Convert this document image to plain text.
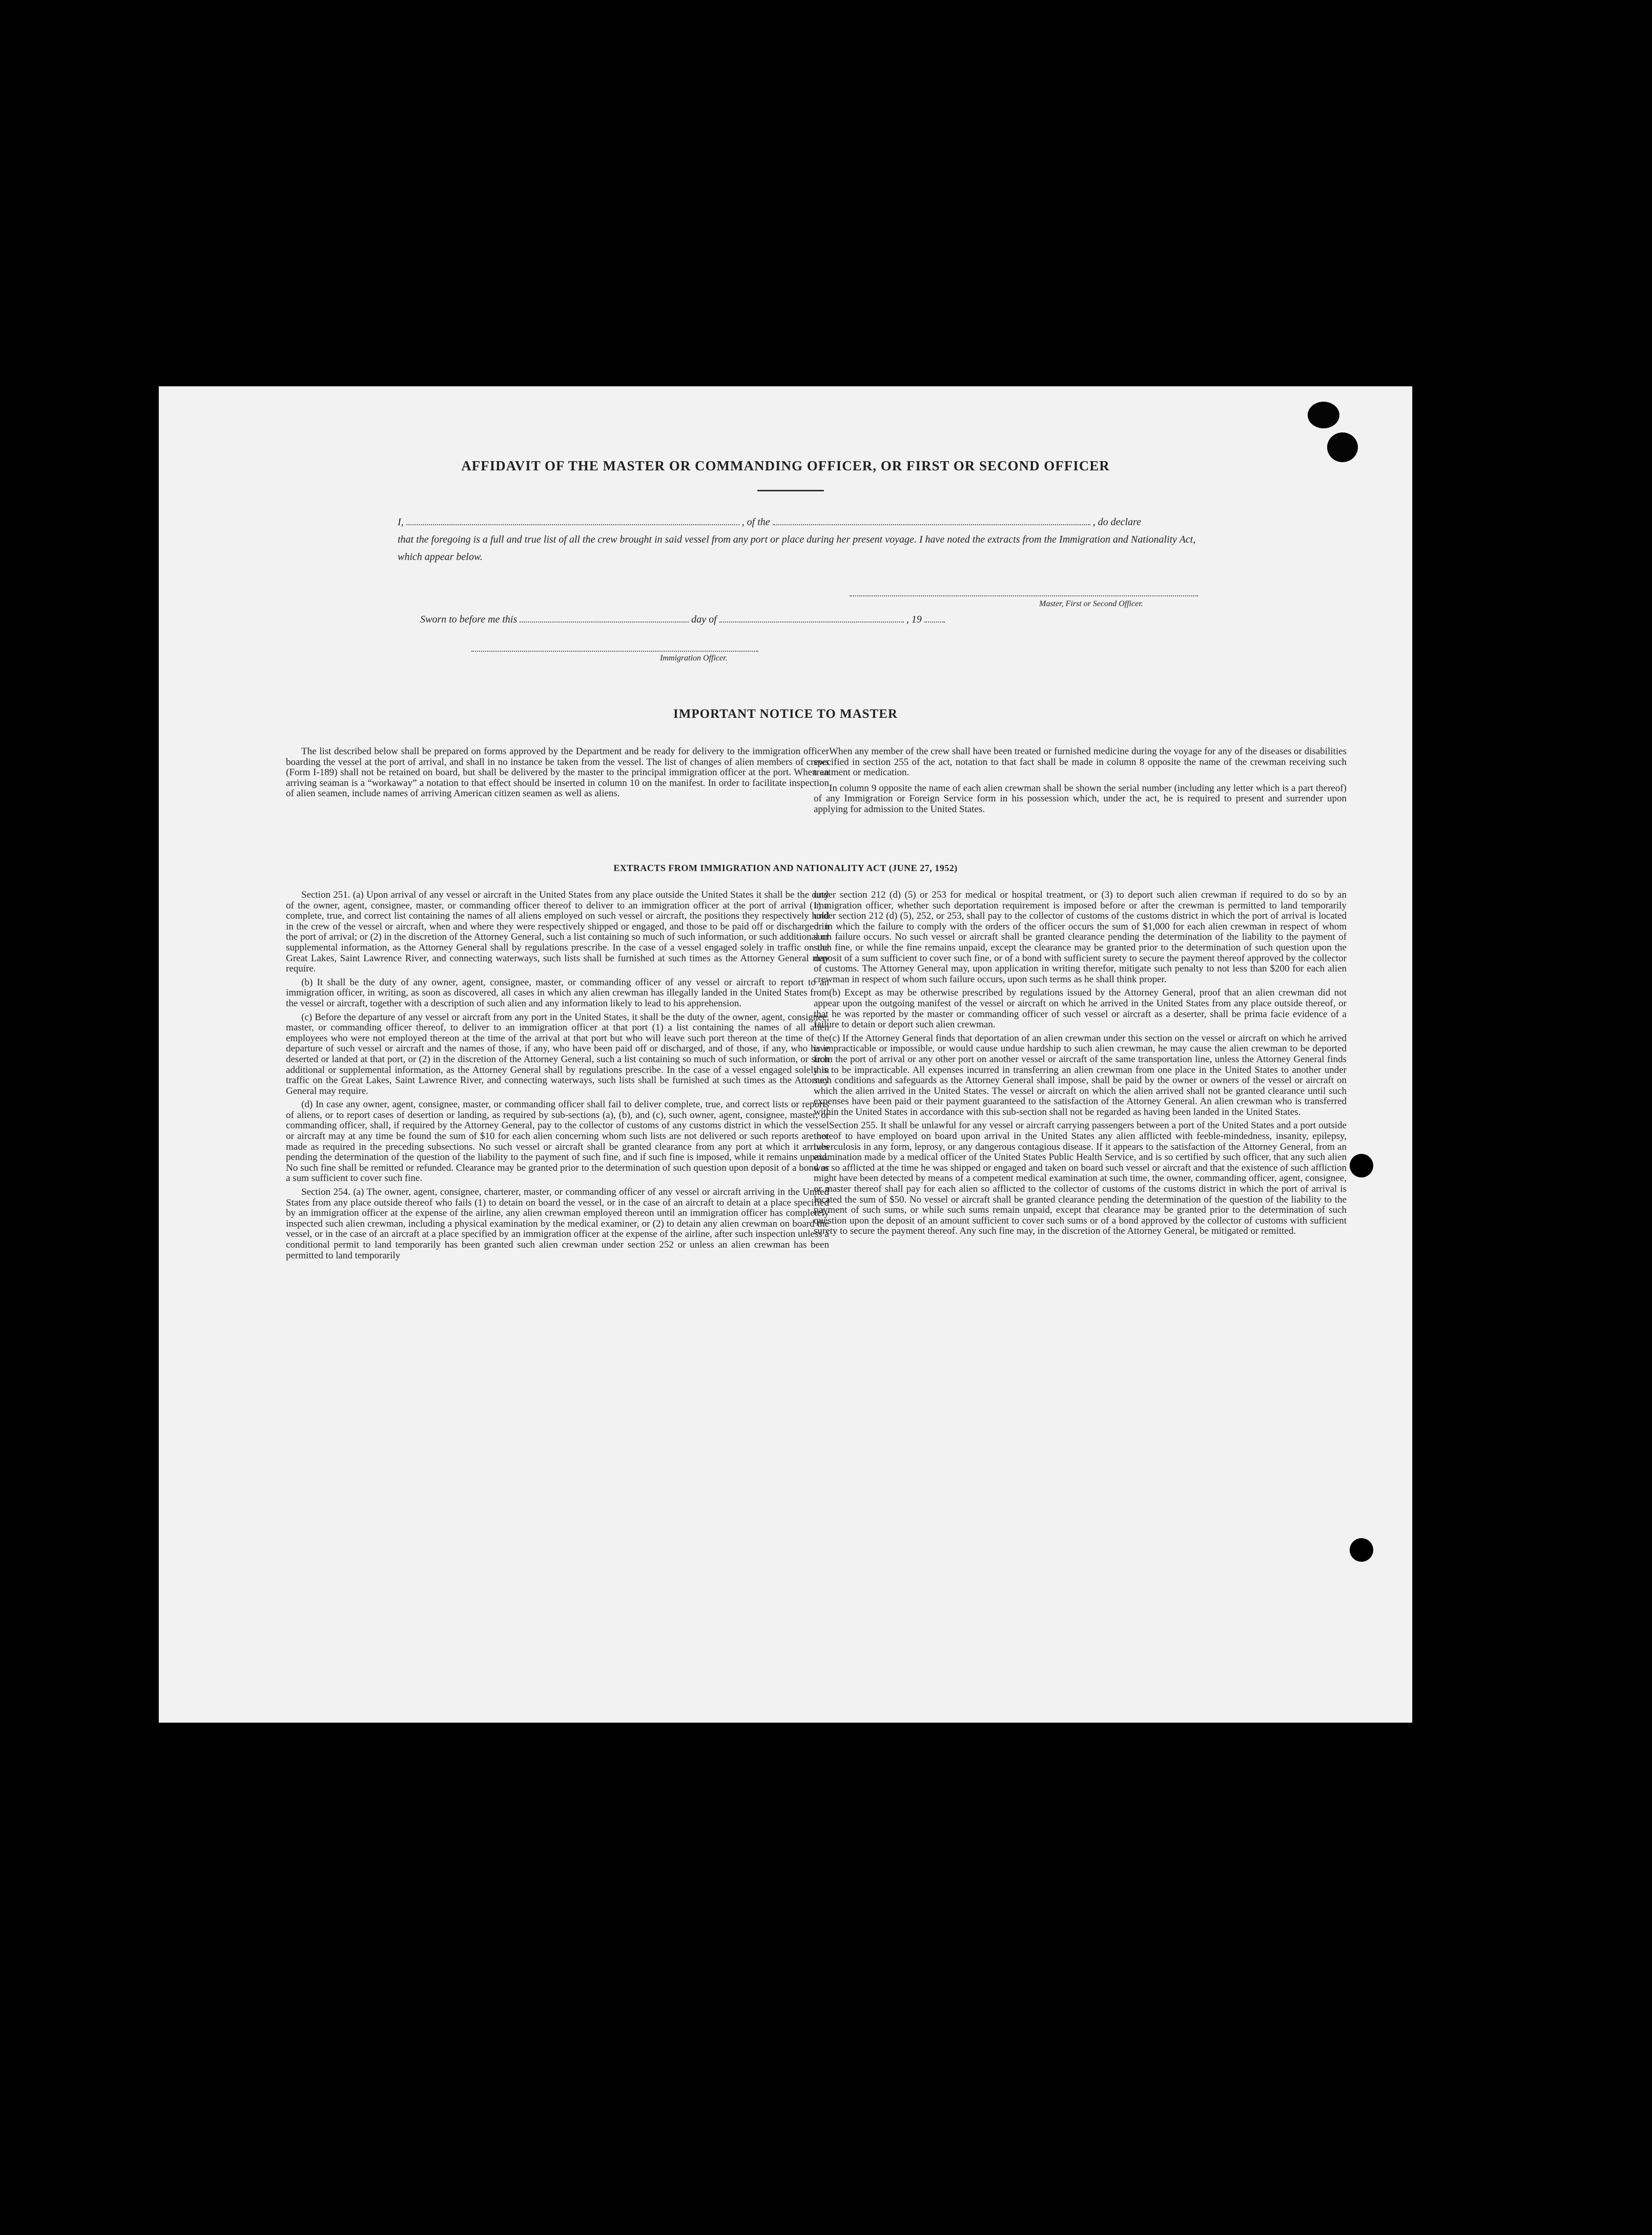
AFFIDAVIT OF THE MASTER OR COMMANDING OFFICER, OR FIRST OR SECOND OFFICER
I,	, of the	, do declare
that the foregoing is a full and true list of all the crew brought in said vessel from any port or place during her present voyage. I have noted the extracts from the Immigration and Nationality Act, which appear below.
Master, First or Second Officer.
Sworn to before me this	day of	, 19
Immigration Officer.
IMPORTANT NOTICE TO MASTER

The list described below shall be prepared on forms approved by the Department and be ready for delivery to the immigration officer boarding the vessel at the port of arrival, and shall in no instance be taken from the vessel. The list of changes of alien members of crews (Form I-189) shall not be retained on board, but shall be delivered by the master to the principal immigration officer at the port. When an arriving seaman is a “workaway” a notation to that effect should be inserted in column 10 on the manifest. In order to facilitate inspection of alien seamen, include names of arriving American citizen seamen as well as aliens.

When any member of the crew shall have been treated or furnished medicine during the voyage for any of the diseases or disabilities specified in section 255 of the act, notation to that fact shall be made in column 8 opposite the name of the crewman receiving such treatment or medication.

In column 9 opposite the name of each alien crewman shall be shown the serial number (including any letter which is a part thereof) of any Immigration or Foreign Service form in his possession which, under the act, he is required to present and surrender upon applying for admission to the United States.

EXTRACTS FROM IMMIGRATION AND NATIONALITY ACT (JUNE 27, 1952)

Section 251. (a) Upon arrival of any vessel or aircraft in the United States from any place outside the United States it shall be the duty of the owner, agent, consignee, master, or commanding officer thereof to deliver to an immigration officer at the port of arrival (1) a complete, true, and correct list containing the names of all aliens employed on such vessel or aircraft, the positions they respectively hold in the crew of the vessel or aircraft, when and where they were respectively shipped or engaged, and those to be paid off or discharged in the port of arrival; or (2) in the discretion of the Attorney General, such a list containing so much of such information, or such additional or supplemental information, as the Attorney General shall by regulations prescribe. In the case of a vessel engaged solely in traffic on the Great Lakes, Saint Lawrence River, and connecting waterways, such lists shall be furnished at such times as the Attorney General may require.

(b) It shall be the duty of any owner, agent, consignee, master, or commanding officer of any vessel or aircraft to report to an immigration officer, in writing, as soon as discovered, all cases in which any alien crewman has illegally landed in the United States from the vessel or aircraft, together with a description of such alien and any information likely to lead to his apprehension.

(c) Before the departure of any vessel or aircraft from any port in the United States, it shall be the duty of the owner, agent, consignee, master, or commanding officer thereof, to deliver to an immigration officer at that port (1) a list containing the names of all alien employees who were not employed thereon at the time of the arrival at that port but who will leave such port thereon at the time of the departure of such vessel or aircraft and the names of those, if any, who have been paid off or discharged, and of those, if any, who have deserted or landed at that port, or (2) in the discretion of the Attorney General, such a list containing so much of such information, or such additional or supplemental information, as the Attorney General shall by regulations prescribe. In the case of a vessel engaged solely in traffic on the Great Lakes, Saint Lawrence River, and connecting waterways, such lists shall be furnished at such times as the Attorney General may require.

(d) In case any owner, agent, consignee, master, or commanding officer shall fail to deliver complete, true, and correct lists or reports of aliens, or to report cases of desertion or landing, as required by sub-sections (a), (b), and (c), such owner, agent, consignee, master, or commanding officer, shall, if required by the Attorney General, pay to the collector of customs of any customs district in which the vessel or aircraft may at any time be found the sum of $10 for each alien concerning whom such lists are not delivered or such reports are not made as required in the preceding subsections. No such vessel or aircraft shall be granted clearance from any port at which it arrives pending the determination of the question of the liability to the payment of such fine, and if such fine is imposed, while it remains unpaid. No such fine shall be remitted or refunded. Clearance may be granted prior to the determination of such question upon deposit of a bond or a sum sufficient to cover such fine.

Section 254. (a) The owner, agent, consignee, charterer, master, or commanding officer of any vessel or aircraft arriving in the United States from any place outside thereof who fails (1) to detain on board the vessel, or in the case of an aircraft to detain at a place specified by an immigration officer at the expense of the airline, any alien crewman employed thereon until an immigration officer has completely inspected such alien crewman, including a physical examination by the medical examiner, or (2) to detain any alien crewman on board the vessel, or in the case of an aircraft at a place specified by an immigration officer at the expense of the airline, after such inspection unless a conditional permit to land temporarily has been granted such alien crewman under section 252 or unless an alien crewman has been permitted to land temporarily

under section 212 (d) (5) or 253 for medical or hospital treatment, or (3) to deport such alien crewman if required to do so by an immigration officer, whether such deportation requirement is imposed before or after the crewman is permitted to land temporarily under section 212 (d) (5), 252, or 253, shall pay to the collector of customs of the customs district in which the port of arrival is located or in which the failure to comply with the orders of the officer occurs the sum of $1,000 for each alien crewman in respect of whom such failure occurs. No such vessel or aircraft shall be granted clearance pending the determination of the liability to the payment of such fine, or while the fine remains unpaid, except the clearance may be granted prior to the determination of such question upon the deposit of a sum sufficient to cover such fine, or of a bond with sufficient surety to secure the payment thereof approved by the collector of customs. The Attorney General may, upon application in writing therefor, mitigate such penalty to not less than $200 for each alien crewman in respect of whom such failure occurs, upon such terms as he shall think proper.

(b) Except as may be otherwise prescribed by regulations issued by the Attorney General, proof that an alien crewman did not appear upon the outgoing manifest of the vessel or aircraft on which he arrived in the United States from any place outside thereof, or that he was reported by the master or commanding officer of such vessel or aircraft as a deserter, shall be prima facie evidence of a failure to detain or deport such alien crewman.

(c) If the Attorney General finds that deportation of an alien crewman under this section on the vessel or aircraft on which he arrived is impracticable or impossible, or would cause undue hardship to such alien crewman, he may cause the alien crewman to be deported from the port of arrival or any other port on another vessel or aircraft of the same transportation line, unless the Attorney General finds this to be impracticable. All expenses incurred in transferring an alien crewman from one place in the United States to another under such conditions and safeguards as the Attorney General shall impose, shall be paid by the owner or owners of the vessel or aircraft on which the alien arrived in the United States. The vessel or aircraft on which the alien arrived shall not be granted clearance until such expenses have been paid or their payment guaranteed to the satisfaction of the Attorney General. An alien crewman who is transferred within the United States in accordance with this sub-section shall not be regarded as having been landed in the United States.

Section 255. It shall be unlawful for any vessel or aircraft carrying passengers between a port of the United States and a port outside thereof to have employed on board upon arrival in the United States any alien afflicted with feeble-mindedness, insanity, epilepsy, tuberculosis in any form, leprosy, or any dangerous contagious disease. If it appears to the satisfaction of the Attorney General, from an examination made by a medical officer of the United States Public Health Service, and is so certified by such officer, that any such alien was so afflicted at the time he was shipped or engaged and taken on board such vessel or aircraft and that the existence of such affliction might have been detected by means of a competent medical examination at such time, the owner, commanding officer, agent, consignee, or master thereof shall pay for each alien so afflicted to the collector of customs of the customs district in which the port of arrival is located the sum of $50. No vessel or aircraft shall be granted clearance pending the determination of the question of the liability to the payment of such sums, or while such sums remain unpaid, except that clearance may be granted prior to the determination of such question upon the deposit of an amount sufficient to cover such sums or of a bond approved by the collector of customs with sufficient surety to secure the payment thereof. Any such fine may, in the discretion of the Attorney General, be mitigated or remitted.
